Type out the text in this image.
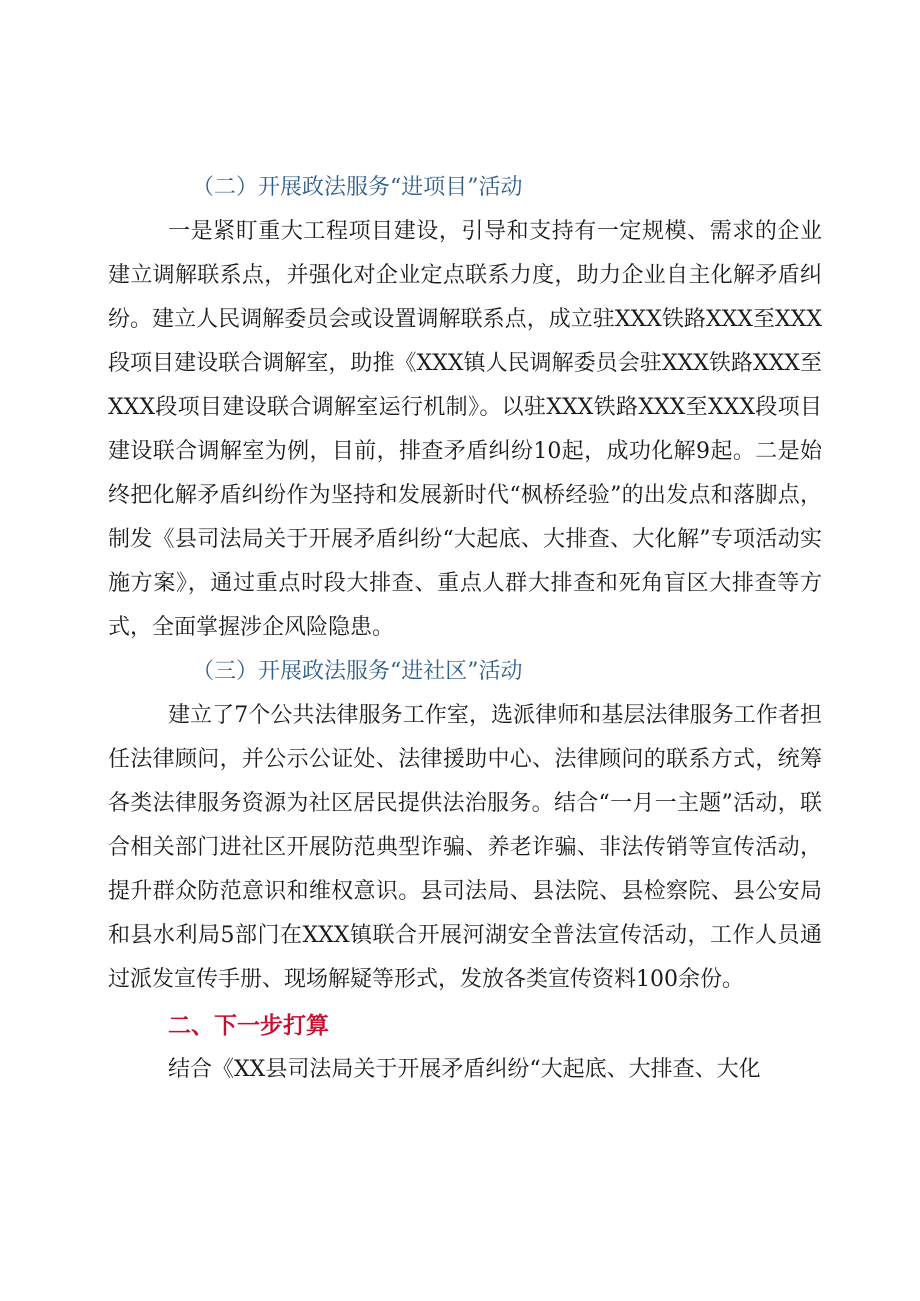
（二）开展政法服务“进项目”活动

一是紧盯重大工程项目建设，引导和支持有一定规模、需求的企业建立调解联系点，并强化对企业定点联系力度，助力企业自主化解矛盾纠纷。建立人民调解委员会或设置调解联系点，成立驻XXX铁路XXX至XXX段项目建设联合调解室，助推《XXX镇人民调解委员会驻XXX铁路XXX至XXX段项目建设联合调解室运行机制》。以驻XXX铁路XXX至XXX段项目建设联合调解室为例，目前，排查矛盾纠纷10起，成功化解9起。二是始终把化解矛盾纠纷作为坚持和发展新时代“枫桥经验”的出发点和落脚点，制发《县司法局关于开展矛盾纠纷“大起底、大排查、大化解”专项活动实施方案》，通过重点时段大排查、重点人群大排查和死角盲区大排查等方式，全面掌握涉企风险隐患。

（三）开展政法服务“进社区”活动

建立了7个公共法律服务工作室，选派律师和基层法律服务工作者担任法律顾问，并公示公证处、法律援助中心、法律顾问的联系方式，统筹各类法律服务资源为社区居民提供法治服务。结合“一月一主题”活动，联合相关部门进社区开展防范典型诈骗、养老诈骗、非法传销等宣传活动，提升群众防范意识和维权意识。县司法局、县法院、县检察院、县公安局和县水利局5部门在XXX镇联合开展河湖安全普法宣传活动，工作人员通过派发宣传手册、现场解疑等形式，发放各类宣传资料100余份。

二、下一步打算

结合《XX县司法局关于开展矛盾纠纷“大起底、大排查、大化
